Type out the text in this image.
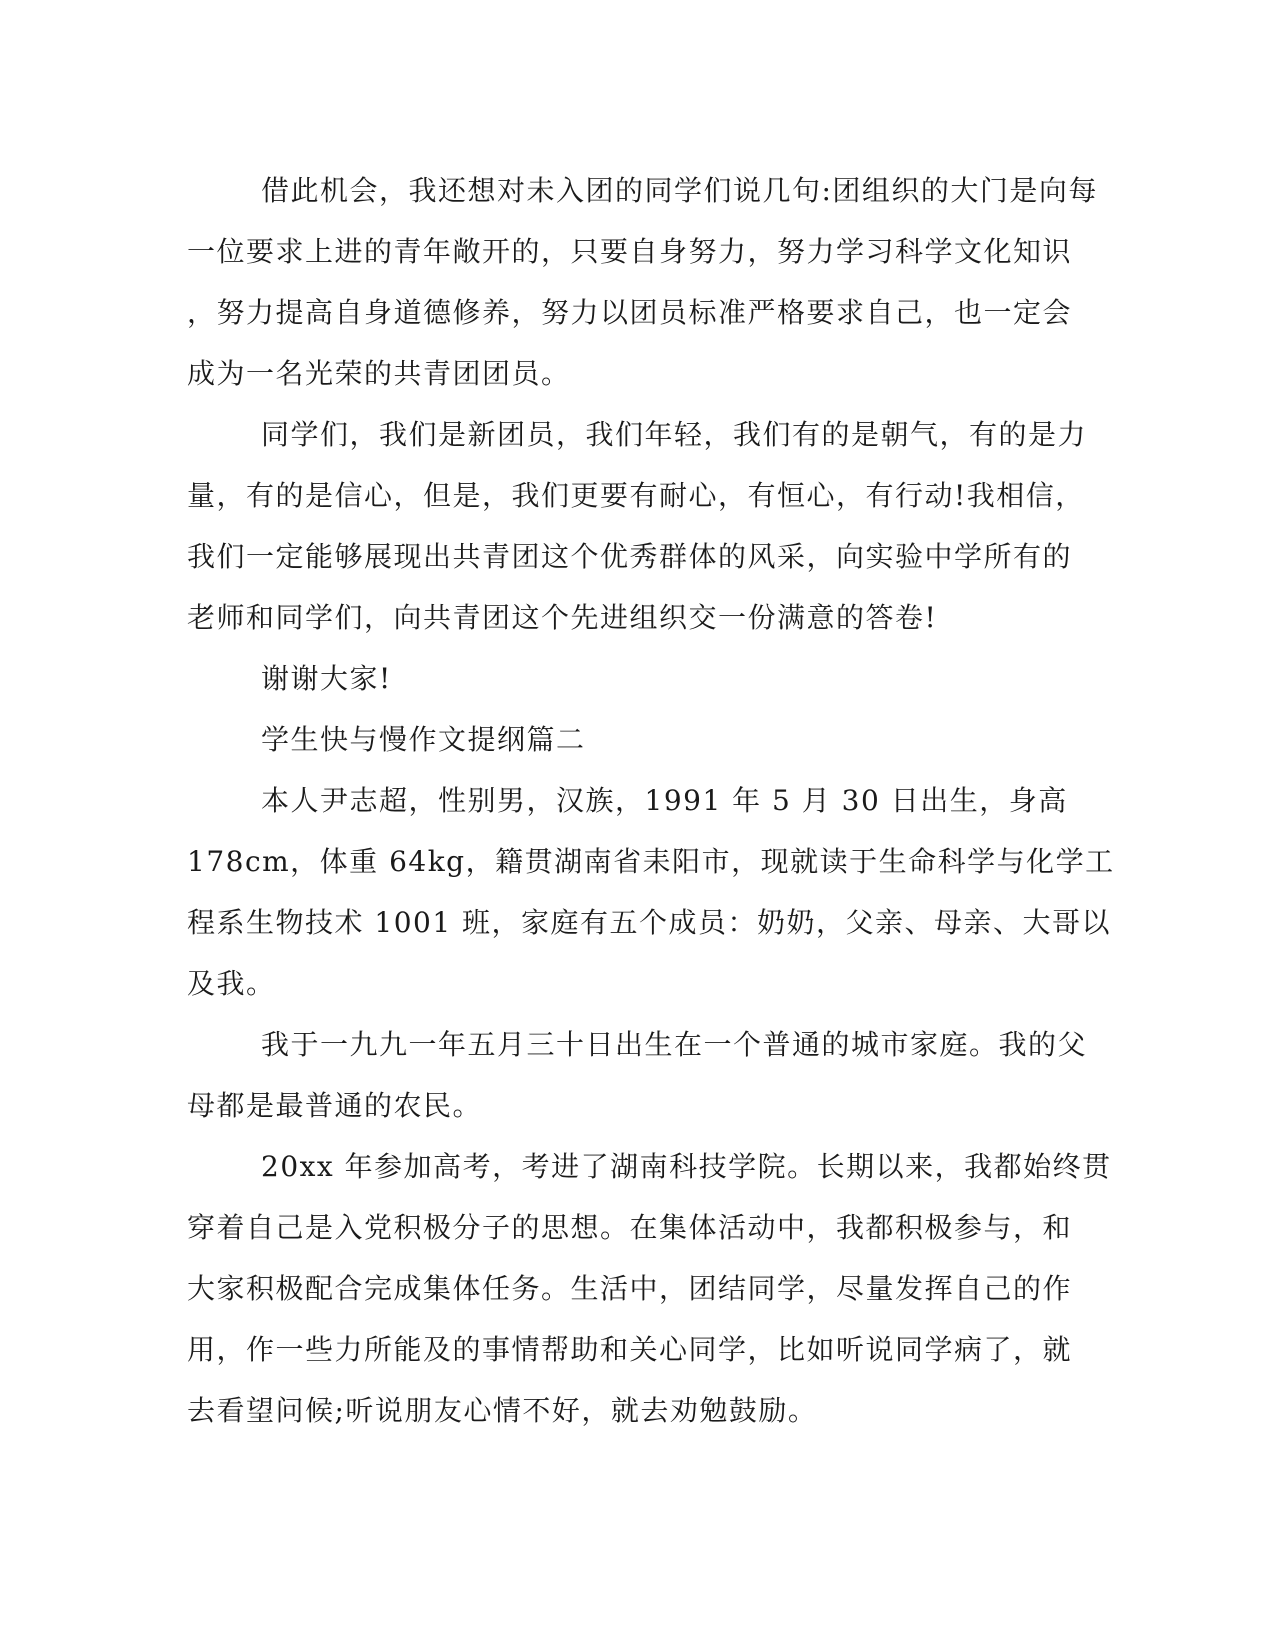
借此机会，我还想对未入团的同学们说几句:团组织的大门是向每
一位要求上进的青年敞开的，只要自身努力，努力学习科学文化知识
，努力提高自身道德修养，努力以团员标准严格要求自己，也一定会
成为一名光荣的共青团团员。
同学们，我们是新团员，我们年轻，我们有的是朝气，有的是力
量，有的是信心，但是，我们更要有耐心，有恒心，有行动!我相信，
我们一定能够展现出共青团这个优秀群体的风采，向实验中学所有的
老师和同学们，向共青团这个先进组织交一份满意的答卷!
谢谢大家!
学生快与慢作文提纲篇二
本人尹志超，性别男，汉族，1991 年 5 月 30 日出生，身高
178cm，体重 64kg，籍贯湖南省耒阳市，现就读于生命科学与化学工
程系生物技术 1001 班，家庭有五个成员：奶奶，父亲、母亲、大哥以
及我。
我于一九九一年五月三十日出生在一个普通的城市家庭。我的父
母都是最普通的农民。
20xx 年参加高考，考进了湖南科技学院。长期以来，我都始终贯
穿着自己是入党积极分子的思想。在集体活动中，我都积极参与，和
大家积极配合完成集体任务。生活中，团结同学，尽量发挥自己的作
用，作一些力所能及的事情帮助和关心同学，比如听说同学病了，就
去看望问候;听说朋友心情不好，就去劝勉鼓励。
